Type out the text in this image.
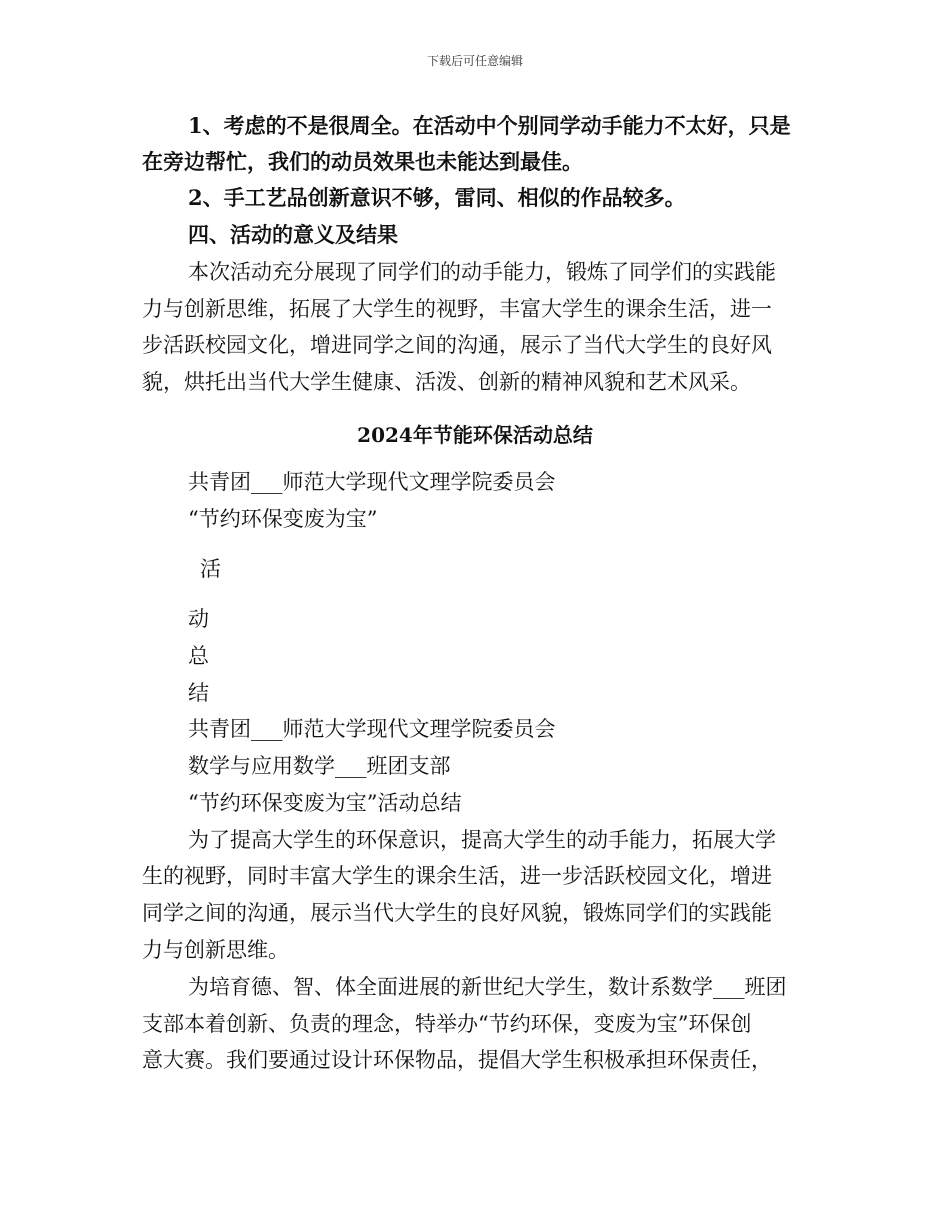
下载后可任意编辑
1、考虑的不是很周全。在活动中个别同学动手能力不太好，只是
在旁边帮忙，我们的动员效果也未能达到最佳。
2、手工艺品创新意识不够，雷同、相似的作品较多。
四、活动的意义及结果
本次活动充分展现了同学们的动手能力，锻炼了同学们的实践能
力与创新思维，拓展了大学生的视野，丰富大学生的课余生活，进一
步活跃校园文化，增进同学之间的沟通，展示了当代大学生的良好风
貌，烘托出当代大学生健康、活泼、创新的精神风貌和艺术风采。
2024年节能环保活动总结
共青团___师范大学现代文理学院委员会
“节约环保变废为宝”
活
动
总
结
共青团___师范大学现代文理学院委员会
数学与应用数学___班团支部
“节约环保变废为宝”活动总结
为了提高大学生的环保意识，提高大学生的动手能力，拓展大学
生的视野，同时丰富大学生的课余生活，进一步活跃校园文化，增进
同学之间的沟通，展示当代大学生的良好风貌，锻炼同学们的实践能
力与创新思维。
为培育德、智、体全面进展的新世纪大学生，数计系数学___班团
支部本着创新、负责的理念，特举办“节约环保，变废为宝”环保创
意大赛。我们要通过设计环保物品，提倡大学生积极承担环保责任，
